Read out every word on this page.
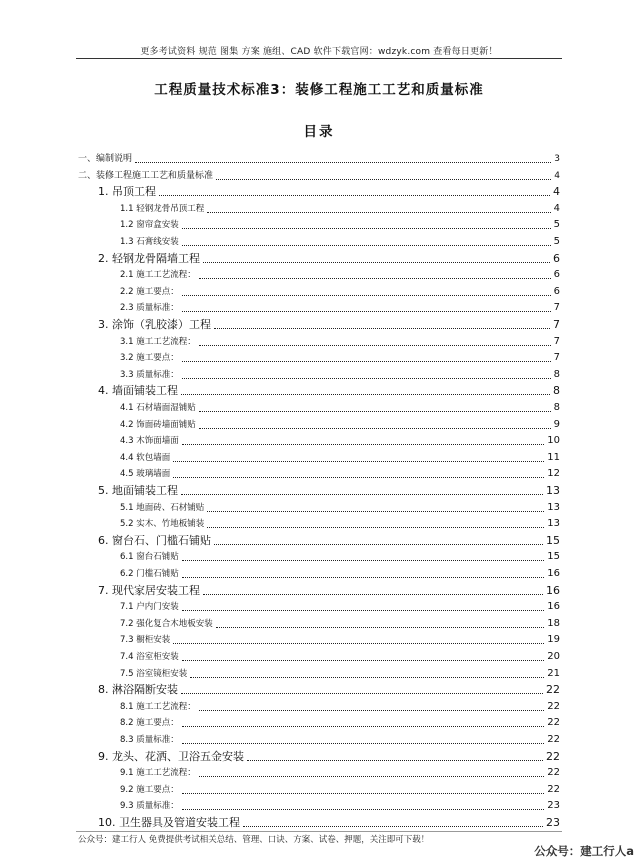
更多考试资料 规范 图集 方案 施组、CAD 软件下载官网：wdzyk.com 查看每日更新！
工程质量技术标准3：装修工程施工工艺和质量标准
目录
一、编制说明	3
二、装修工程施工工艺和质量标准	4
1. 吊顶工程	4
1.1 轻钢龙骨吊顶工程	4
1.2 窗帘盒安装	5
1.3 石膏线安装	5
2. 轻钢龙骨隔墙工程	6
2.1 施工工艺流程：	6
2.2 施工要点：	6
2.3 质量标准：	7
3. 涂饰（乳胶漆）工程	7
3.1 施工工艺流程：	7
3.2 施工要点：	7
3.3 质量标准：	8
4. 墙面铺装工程	8
4.1 石材墙面湿铺贴	8
4.2 饰面砖墙面铺贴	9
4.3 木饰面墙面	10
4.4 软包墙面	11
4.5 玻璃墙面	12
5. 地面铺装工程	13
5.1 地面砖、石材铺贴	13
5.2 实木、竹地板铺装	13
6. 窗台石、门槛石铺贴	15
6.1 窗台石铺贴	15
6.2 门槛石铺贴	16
7. 现代家居安装工程	16
7.1 户内门安装	16
7.2 强化复合木地板安装	18
7.3 橱柜安装	19
7.4 浴室柜安装	20
7.5 浴室镜柜安装	21
8. 淋浴隔断安装	22
8.1 施工工艺流程：	22
8.2 施工要点：	22
8.3 质量标准：	22
9. 龙头、花洒、卫浴五金安装	22
9.1 施工工艺流程：	22
9.2 施工要点：	22
9.3 质量标准：	23
10. 卫生器具及管道安装工程	23
公众号：建工行人 免费提供考试相关总结、管理、口诀、方案、试卷、押题，关注即可下载！
公众号：建工行人a
